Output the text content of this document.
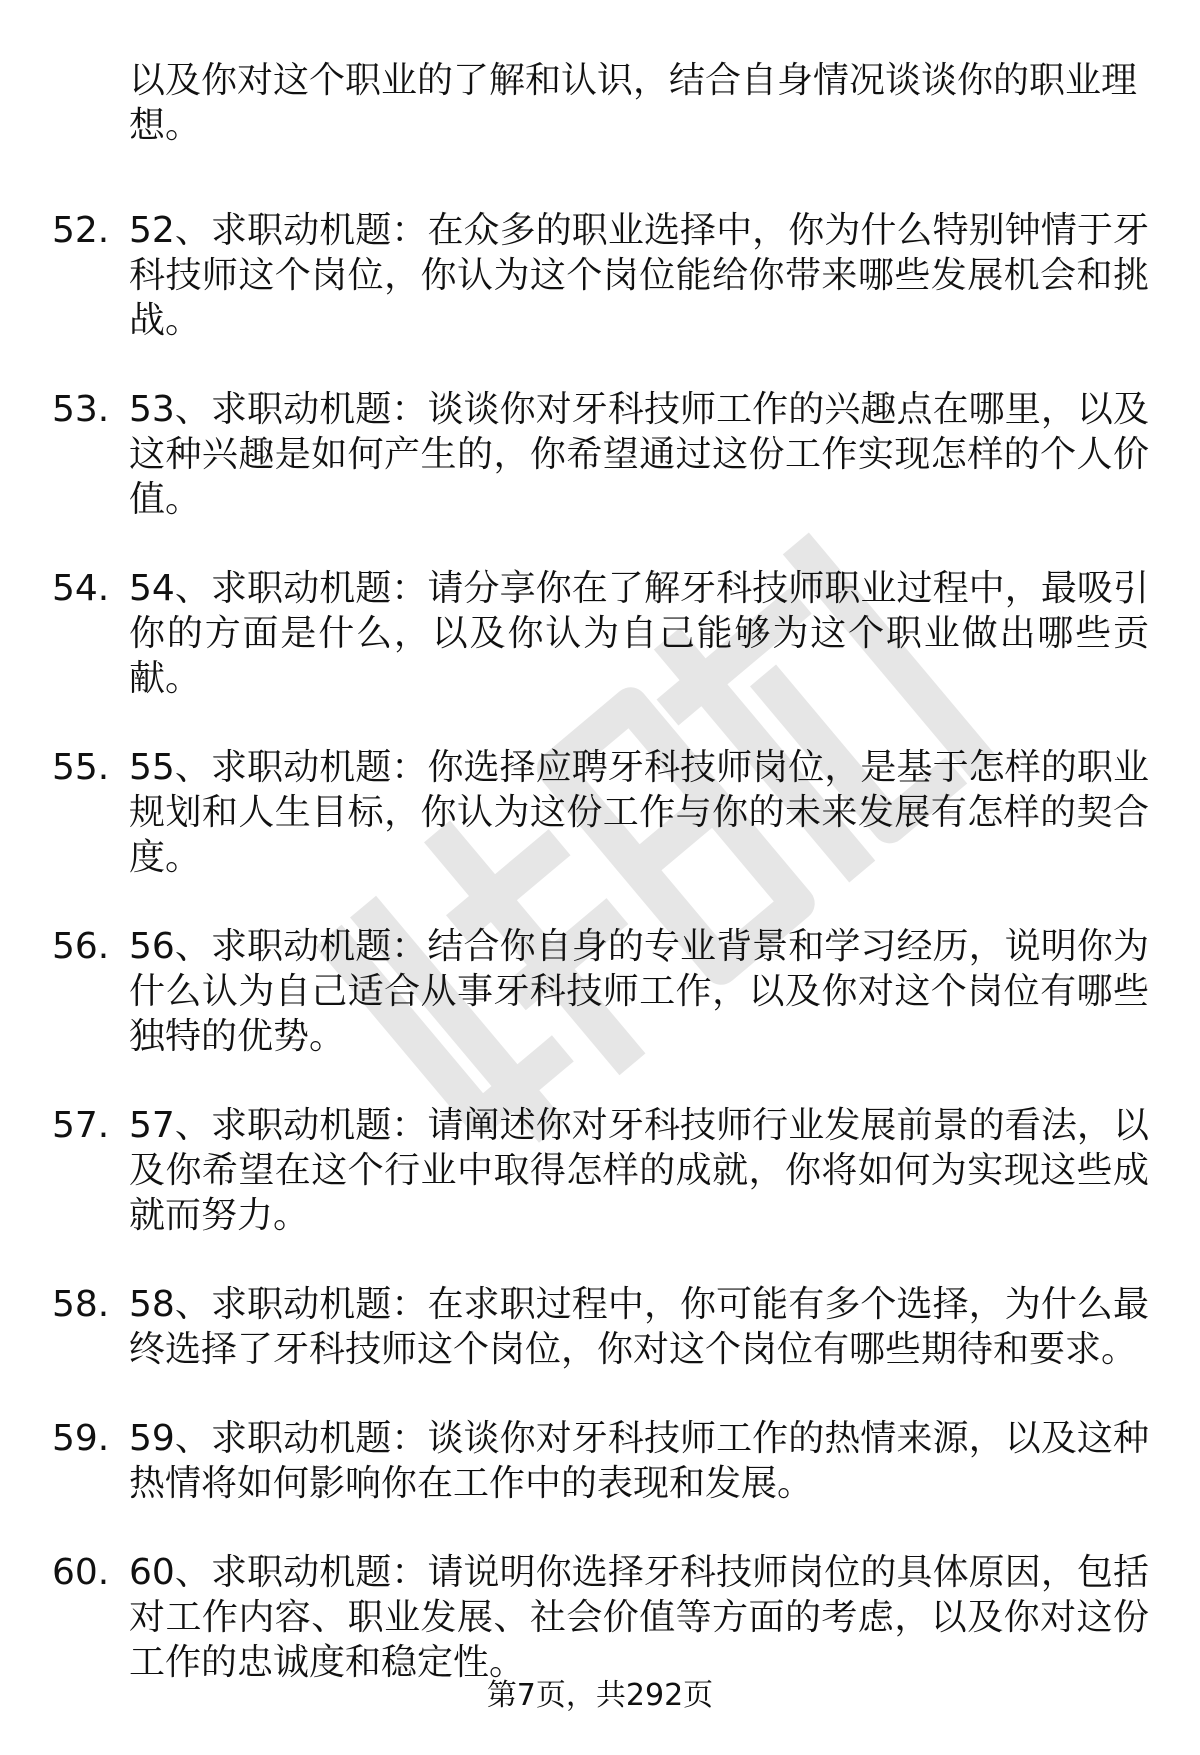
以及你对这个职业的了解和认识，结合自身情况谈谈你的职业理想。
52. 52、求职动机题：在众多的职业选择中，你为什么特别钟情于牙科技师这个岗位，你认为这个岗位能给你带来哪些发展机会和挑战。
53. 53、求职动机题：谈谈你对牙科技师工作的兴趣点在哪里，以及这种兴趣是如何产生的，你希望通过这份工作实现怎样的个人价值。
54. 54、求职动机题：请分享你在了解牙科技师职业过程中，最吸引你的方面是什么，以及你认为自己能够为这个职业做出哪些贡献。
55. 55、求职动机题：你选择应聘牙科技师岗位，是基于怎样的职业规划和人生目标，你认为这份工作与你的未来发展有怎样的契合度。
56. 56、求职动机题：结合你自身的专业背景和学习经历，说明你为什么认为自己适合从事牙科技师工作，以及你对这个岗位有哪些独特的优势。
57. 57、求职动机题：请阐述你对牙科技师行业发展前景的看法，以及你希望在这个行业中取得怎样的成就，你将如何为实现这些成就而努力。
58. 58、求职动机题：在求职过程中，你可能有多个选择，为什么最终选择了牙科技师这个岗位，你对这个岗位有哪些期待和要求。
59. 59、求职动机题：谈谈你对牙科技师工作的热情来源，以及这种热情将如何影响你在工作中的表现和发展。
60. 60、求职动机题：请说明你选择牙科技师岗位的具体原因，包括对工作内容、职业发展、社会价值等方面的考虑，以及你对这份工作的忠诚度和稳定性。
第7页，共292页
